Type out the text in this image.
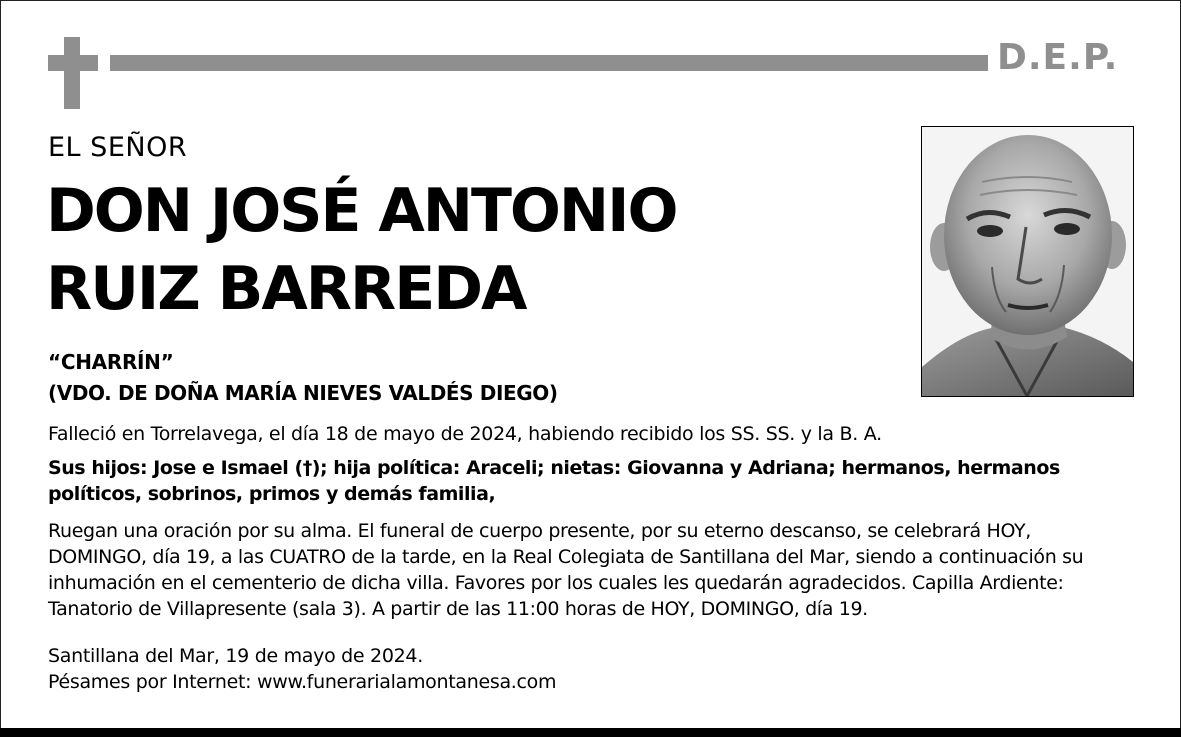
D.E.P.
EL SEÑOR
DON JOSÉ ANTONIO
RUIZ BARREDA
“CHARRÍN”
(VDO. DE DOÑA MARÍA NIEVES VALDÉS DIEGO)
Falleció en Torrelavega, el día 18 de mayo de 2024, habiendo recibido los SS. SS. y la B. A.
Sus hijos: Jose e Ismael (†); hija política: Araceli; nietas: Giovanna y Adriana; hermanos, hermanos políticos, sobrinos, primos y demás familia,
Ruegan una oración por su alma. El funeral de cuerpo presente, por su eterno descanso, se celebrará HOY, DOMINGO, día 19, a las CUATRO de la tarde, en la Real Colegiata de Santillana del Mar, siendo a continuación su inhumación en el cementerio de dicha villa. Favores por los cuales les quedarán agradecidos. Capilla Ardiente: Tanatorio de Villapresente (sala 3). A partir de las 11:00 horas de HOY, DOMINGO, día 19.
Santillana del Mar, 19 de mayo de 2024.
Pésames por Internet: www.funerarialamontanesa.com
